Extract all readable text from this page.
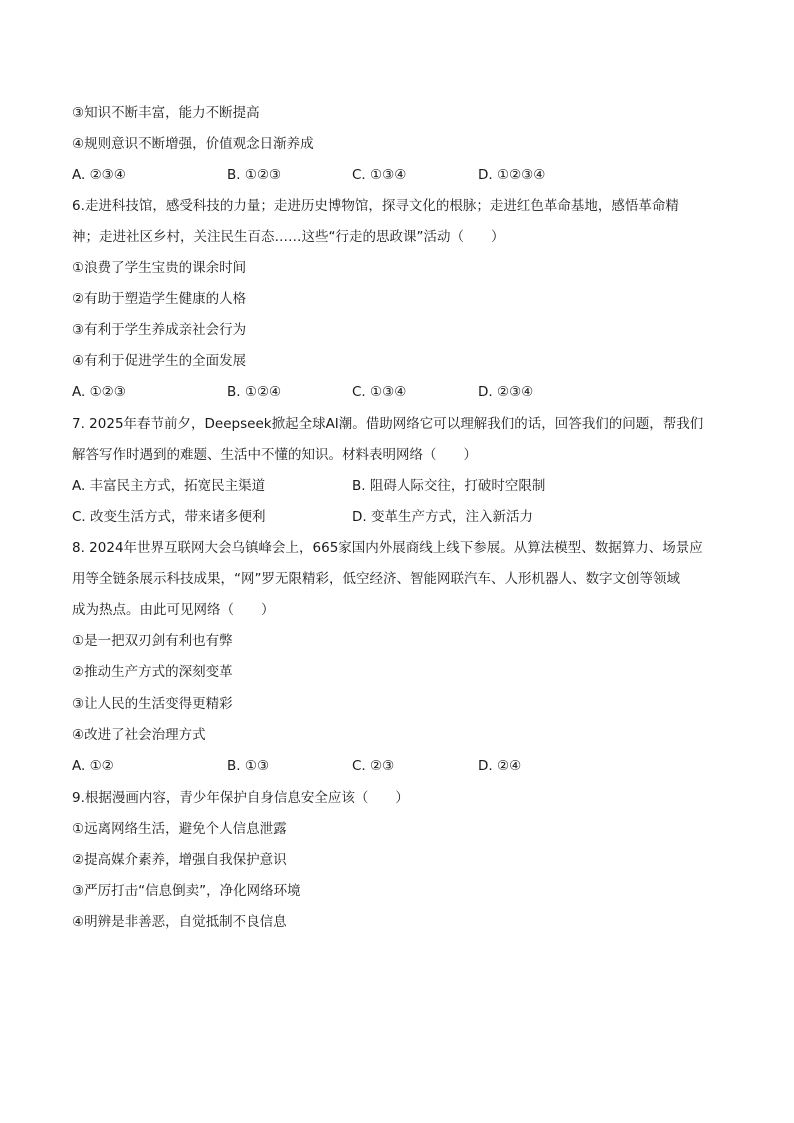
③知识不断丰富，能力不断提高
④规则意识不断增强，价值观念日渐养成
A. ②③④	B. ①②③	C. ①③④	D. ①②③④
6.走进科技馆，感受科技的力量；走进历史博物馆，探寻文化的根脉；走进红色革命基地，感悟革命精
神；走进社区乡村，关注民生百态……这些“行走的思政课”活动（　　）
①浪费了学生宝贵的课余时间
②有助于塑造学生健康的人格
③有利于学生养成亲社会行为
④有利于促进学生的全面发展
A. ①②③	B. ①②④	C. ①③④	D. ②③④
7. 2025年春节前夕，Deepseek掀起全球AI潮。借助网络它可以理解我们的话，回答我们的问题，帮我们
解答写作时遇到的难题、生活中不懂的知识。材料表明网络（　　）
A. 丰富民主方式，拓宽民主渠道	B. 阻碍人际交往，打破时空限制
C. 改变生活方式，带来诸多便利	D. 变革生产方式，注入新活力
8. 2024年世界互联网大会乌镇峰会上，665家国内外展商线上线下参展。从算法模型、数据算力、场景应
用等全链条展示科技成果，“网”罗无限精彩，低空经济、智能网联汽车、人形机器人、数字文创等领域
成为热点。由此可见网络（　　）
①是一把双刃剑有利也有弊
②推动生产方式的深刻变革
③让人民的生活变得更精彩
④改进了社会治理方式
A. ①②	B. ①③	C. ②③	D. ②④
9.根据漫画内容，青少年保护自身信息安全应该（　　）
①远离网络生活，避免个人信息泄露
②提高媒介素养，增强自我保护意识
③严厉打击“信息倒卖”，净化网络环境
④明辨是非善恶，自觉抵制不良信息
